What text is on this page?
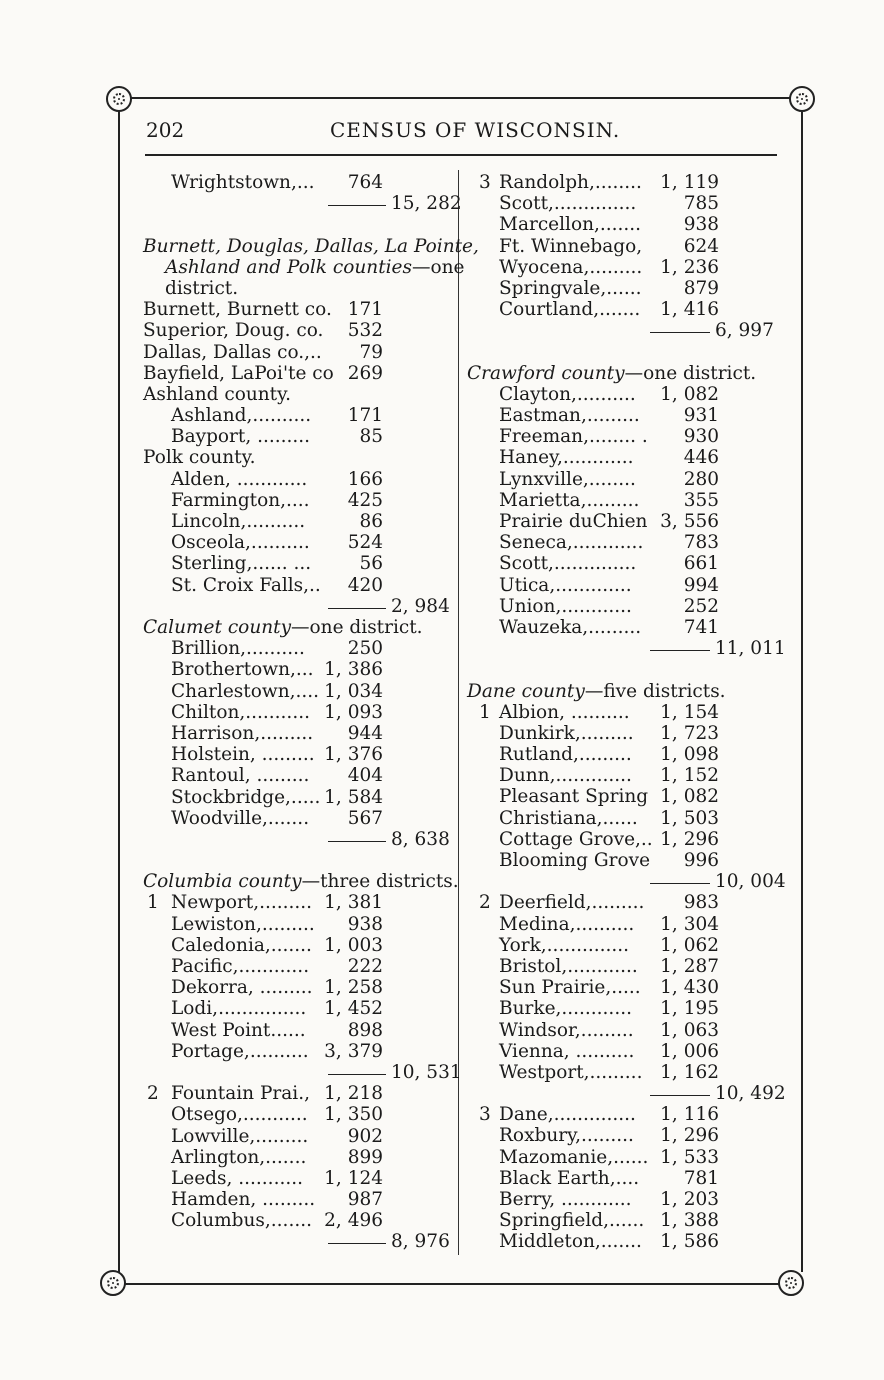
202	CENSUS OF WISCONSIN.
Wrightstown,... 764
15, 282
Burnett, Douglas, Dallas, La Pointe,
Ashland and Polk counties—one
district.
Burnett, Burnett co. 171
Superior, Doug. co. 532
Dallas, Dallas co.,.. 79
Bayfield, LaPoi'te co 269
Ashland county.
Ashland,.......... 171
Bayport, .........	85
Polk county.
Alden, ............ 166
Farmington,.... 425
Lincoln,..........	86
Osceola,.......... 524
Sterling,...... ...	56
St. Croix Falls,.. 420
2, 984
Calumet county—one district.
Brillion,.......... 250
Brothertown,... 1, 386
Charlestown,.... 1, 034
Chilton,........... 1, 093
Harrison,......... 944
Holstein, ......... 1, 376
Rantoul, ......... 404
Stockbridge,..... 1, 584
Woodville,....... 567
8, 638
Columbia county—three districts.
1 Newport,......... 1, 381
Lewiston,......... 938
Caledonia,....... 1, 003
Pacific,............ 222
Dekorra, ......... 1, 258
Lodi,............... 1, 452
West Point...... 898
Portage,.......... 3, 379
10, 531
2 Fountain Prai., 1, 218
Otsego,........... 1, 350
Lowville,......... 902
Arlington,....... 899
Leeds, ........... 1, 124
Hamden, ......... 987
Columbus,....... 2, 496
8, 976
3 Randolph,........ 1, 119
Scott,..............	785
Marcellon,....... 938
Ft. Winnebago, 624
Wyocena,......... 1, 236
Springvale,...... 879
Courtland,....... 1, 416
6, 997
Crawford county—one district.
Clayton,.......... 1, 082
Eastman,......... 931
Freeman,........ . 930
Haney,............	446
Lynxville,........	280
Marietta,......... 355
Prairie duChien 3, 556
Seneca,............ 783
Scott,..............	661
Utica,.............	994
Union,............	252
Wauzeka,......... 741
11, 011
Dane county—five districts.
1 Albion, .......... 1, 154
Dunkirk,......... 1, 723
Rutland,......... 1, 098
Dunn,............. 1, 152
Pleasant Spring 1, 082
Christiana,...... 1, 503
Cottage Grove,.. 1, 296
Blooming Grove 996
10, 004
2 Deerfield,......... 983
Medina,.......... 1, 304
York,.............. 1, 062
Bristol,............ 1, 287
Sun Prairie,..... 1, 430
Burke,............ 1, 195
Windsor,......... 1, 063
Vienna, .......... 1, 006
Westport,......... 1, 162
10, 492
3 Dane,.............. 1, 116
Roxbury,......... 1, 296
Mazomanie,...... 1, 533
Black Earth,.... 781
Berry, ............ 1, 203
Springfield,...... 1, 388
Middleton,....... 1, 586
